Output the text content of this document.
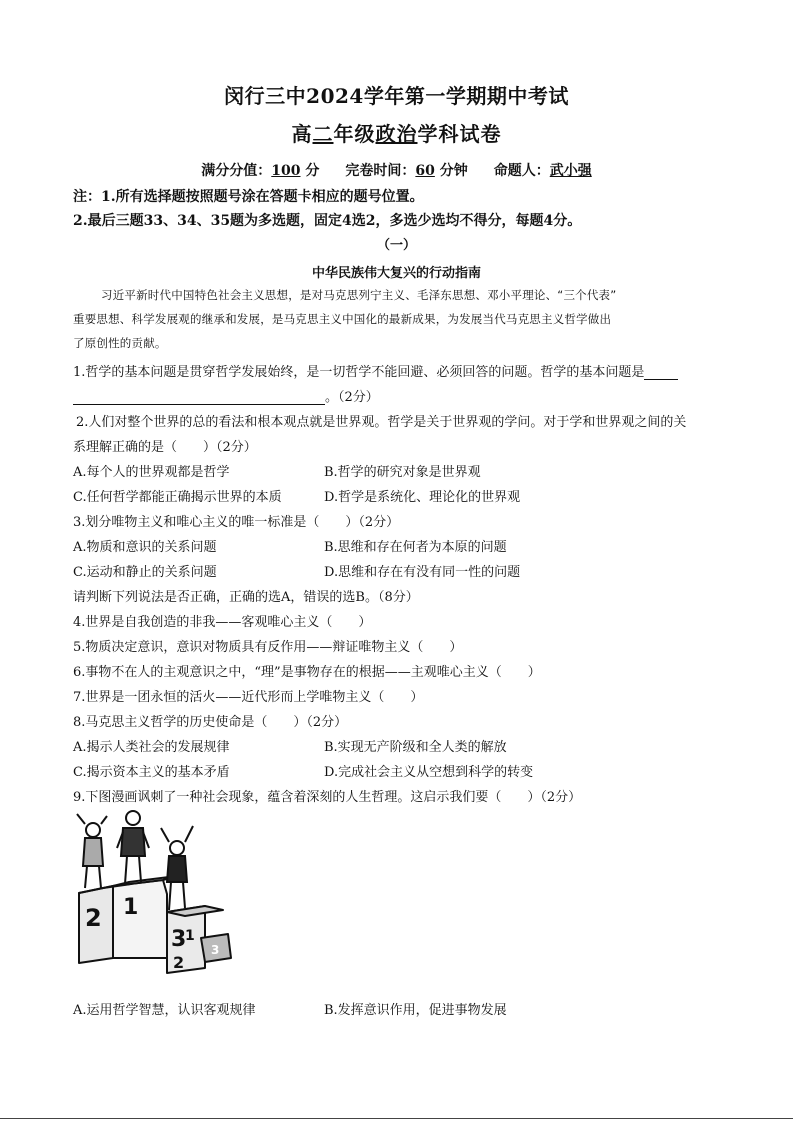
闵行三中2024学年第一学期期中考试
高二年级政治学科试卷
满分分值：100 分 完卷时间：60 分钟 命题人：武小强
注：1.所有选择题按照题号涂在答题卡相应的题号位置。
2.最后三题33、34、35题为多选题，固定4选2，多选少选均不得分，每题4分。
（一）
中华民族伟大复兴的行动指南
习近平新时代中国特色社会主义思想，是对马克思列宁主义、毛泽东思想、邓小平理论、“三个代表”
重要思想、科学发展观的继承和发展，是马克思主义中国化的最新成果，为发展当代马克思主义哲学做出
了原创性的贡献。
1.哲学的基本问题是贯穿哲学发展始终，是一切哲学不能回避、必须回答的问题。哲学的基本问题是
。（2分）
2.人们对整个世界的总的看法和根本观点就是世界观。哲学是关于世界观的学问。对于学和世界观之间的关
系理解正确的是（　　）（2分）
A.每个人的世界观都是哲学	B.哲学的研究对象是世界观
C.任何哲学都能正确揭示世界的本质	D.哲学是系统化、理论化的世界观
3.划分唯物主义和唯心主义的唯一标准是（　　）（2分）
A.物质和意识的关系问题	B.思维和存在何者为本原的问题
C.运动和静止的关系问题	D.思维和存在有没有同一性的问题
请判断下列说法是否正确，正确的选A，错误的选B。（8分）
4.世界是自我创造的非我——客观唯心主义（　　）
5.物质决定意识，意识对物质具有反作用——辩证唯物主义（　　）
6.事物不在人的主观意识之中，“理”是事物存在的根据——主观唯心主义（　　）
7.世界是一团永恒的活火——近代形而上学唯物主义（　　）
8.马克思主义哲学的历史使命是（　　）（2分）
A.揭示人类社会的发展规律	B.实现无产阶级和全人类的解放
C.揭示资本主义的基本矛盾	D.完成社会主义从空想到科学的转变
9.下图漫画讽刺了一种社会现象，蕴含着深刻的人生哲理。这启示我们要（　　）（2分）
2 1
3
1
2
3
A.运用哲学智慧，认识客观规律	B.发挥意识作用，促进事物发展
